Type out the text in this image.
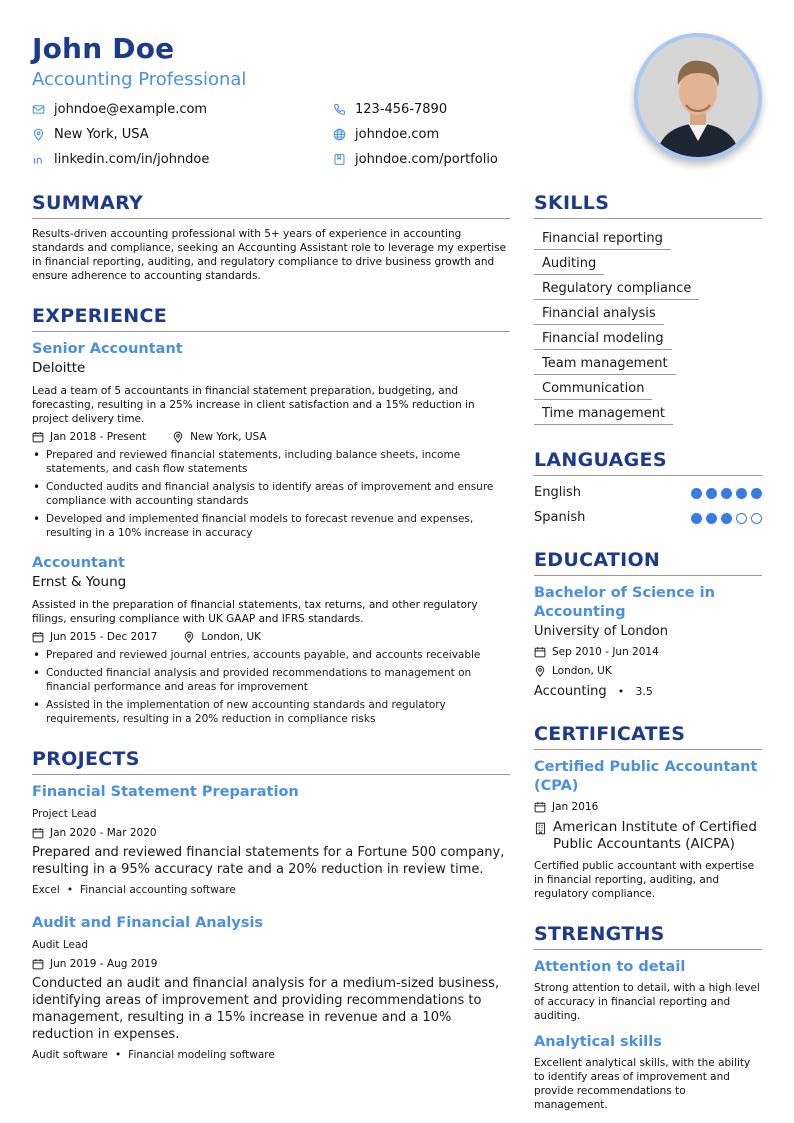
John Doe
Accounting Professional
johndoe@example.com	123-456-7890
New York, USA	johndoe.com
linkedin.com/in/johndoe	johndoe.com/portfolio
SUMMARY
Results-driven accounting professional with 5+ years of experience in accounting standards and compliance, seeking an Accounting Assistant role to leverage my expertise in financial reporting, auditing, and regulatory compliance to drive business growth and ensure adherence to accounting standards.
EXPERIENCE
Senior Accountant
Deloitte
Lead a team of 5 accountants in financial statement preparation, budgeting, and forecasting, resulting in a 25% increase in client satisfaction and a 15% reduction in project delivery time.
Jan 2018 - Present	New York, USA
• Prepared and reviewed financial statements, including balance sheets, income statements, and cash flow statements
• Conducted audits and financial analysis to identify areas of improvement and ensure compliance with accounting standards
• Developed and implemented financial models to forecast revenue and expenses, resulting in a 10% increase in accuracy
Accountant
Ernst & Young
Assisted in the preparation of financial statements, tax returns, and other regulatory filings, ensuring compliance with UK GAAP and IFRS standards.
Jun 2015 - Dec 2017	London, UK
• Prepared and reviewed journal entries, accounts payable, and accounts receivable
• Conducted financial analysis and provided recommendations to management on financial performance and areas for improvement
• Assisted in the implementation of new accounting standards and regulatory requirements, resulting in a 20% reduction in compliance risks
PROJECTS
Financial Statement Preparation
Project Lead
Jan 2020 - Mar 2020
Prepared and reviewed financial statements for a Fortune 500 company, resulting in a 95% accuracy rate and a 20% reduction in review time.
Excel • Financial accounting software
Audit and Financial Analysis
Audit Lead
Jun 2019 - Aug 2019
Conducted an audit and financial analysis for a medium-sized business, identifying areas of improvement and providing recommendations to management, resulting in a 15% increase in revenue and a 10% reduction in expenses.
Audit software • Financial modeling software
SKILLS
Financial reporting
Auditing
Regulatory compliance
Financial analysis
Financial modeling
Team management
Communication
Time management
LANGUAGES
English
Spanish
EDUCATION
Bachelor of Science in Accounting
University of London
Sep 2010 - Jun 2014
London, UK
Accounting • 3.5
CERTIFICATES
Certified Public Accountant (CPA)
Jan 2016
American Institute of Certified Public Accountants (AICPA)
Certified public accountant with expertise in financial reporting, auditing, and regulatory compliance.
STRENGTHS
Attention to detail
Strong attention to detail, with a high level of accuracy in financial reporting and auditing.
Analytical skills
Excellent analytical skills, with the ability to identify areas of improvement and provide recommendations to management.
